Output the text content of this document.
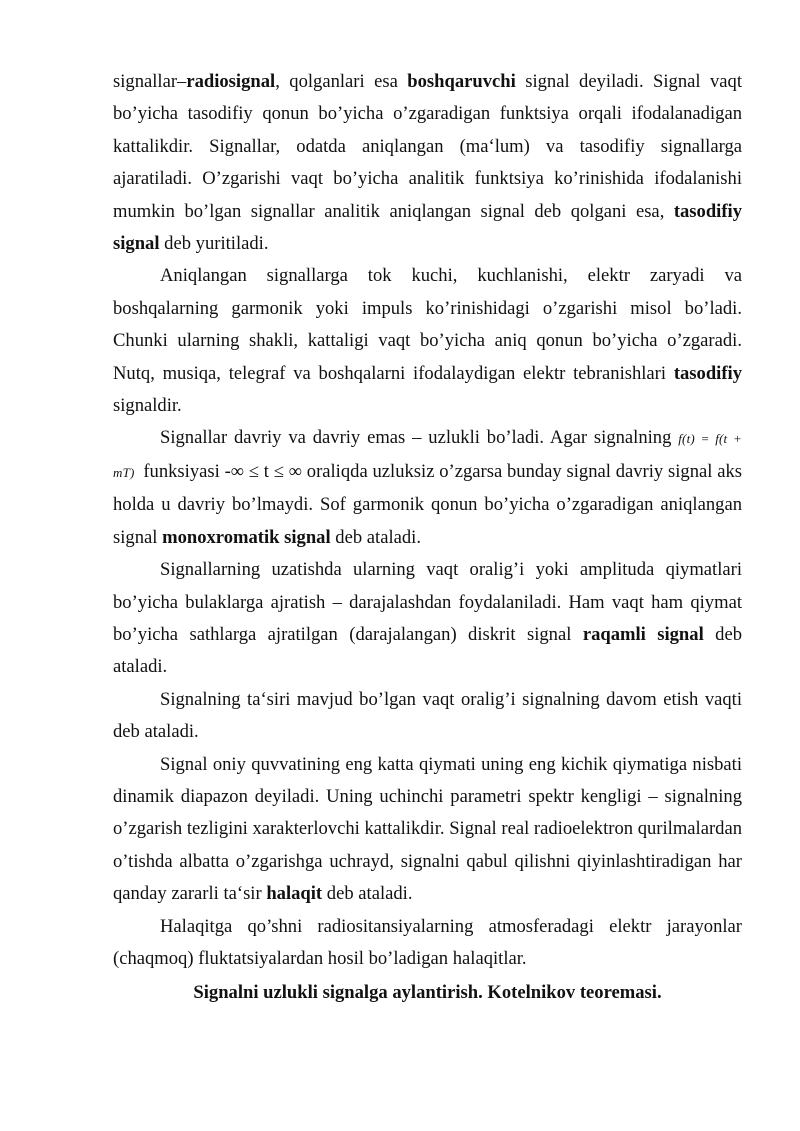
signallar–radiosignal, qolganlari esa boshqaruvchi signal deyiladi. Signal vaqt bo’yicha tasodifiy qonun bo’yicha o’zgaradigan funktsiya orqali ifodalanadigan kattalikdir. Signallar, odatda aniqlangan (ma‘lum) va tasodifiy signallarga ajaratiladi. O’zgarishi vaqt bo’yicha analitik funktsiya ko’rinishida ifodalanishi mumkin bo’lgan signallar analitik aniqlangan signal deb qolgani esa, tasodifiy signal deb yuritiladi.

Aniqlangan signallarga tok kuchi, kuchlanishi, elektr zaryadi va boshqalarning garmonik yoki impuls ko’rinishidagi o’zgarishi misol bo’ladi. Chunki ularning shakli, kattaligi vaqt bo’yicha aniq qonun bo’yicha o’zgaradi. Nutq, musiqa, telegraf va boshqalarni ifodalaydigan elektr tebranishlari tasodifiy signaldir.

Signallar davriy va davriy emas – uzlukli bo’ladi. Agar signalning f(t) = f(t + mT) funksiyasi -∞ ≤ t ≤ ∞ oraliqda uzluksiz o’zgarsa bunday signal davriy signal aks holda u davriy bo’lmaydi. Sof garmonik qonun bo’yicha o’zgaradigan aniqlangan signal monoxromatik signal deb ataladi.

Signallarning uzatishda ularning vaqt oralig’i yoki amplituda qiymatlari bo’yicha bulaklarga ajratish – darajalashdan foydalaniladi. Ham vaqt ham qiymat bo’yicha sathlarga ajratilgan (darajalangan) diskrit signal raqamli signal deb ataladi.

Signalning ta‘siri mavjud bo’lgan vaqt oralig’i signalning davom etish vaqti deb ataladi.

Signal oniy quvvatining eng katta qiymati uning eng kichik qiymatiga nisbati dinamik diapazon deyiladi. Uning uchinchi parametri spektr kengligi – signalning o’zgarish tezligini xarakterlovchi kattalikdir. Signal real radioelektron qurilmalardan o’tishda albatta o’zgarishga uchrayd, signalni qabul qilishni qiyinlashtiradigan har qanday zararli ta‘sir halaqit deb ataladi.

Halaqitga qo’shni radiositansiyalarning atmosferadagi elektr jarayonlar (chaqmoq) fluktatsiyalardan hosil bo’ladigan halaqitlar.

Signalni uzlukli signalga aylantirish. Kotelnikov teoremasi.
